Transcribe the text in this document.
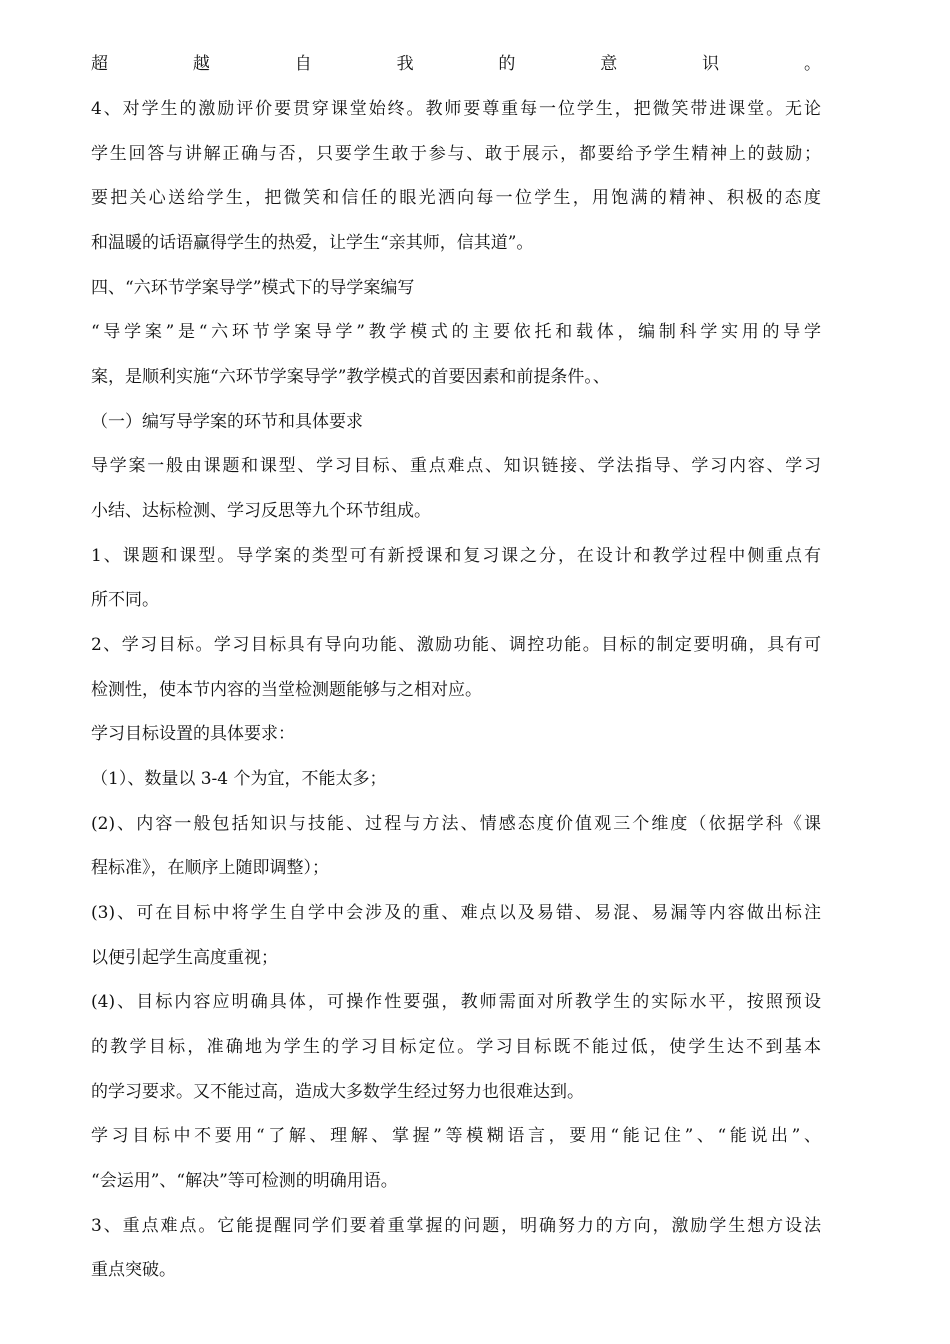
超越自我的意识。
4、对学生的激励评价要贯穿课堂始终。教师要尊重每一位学生，把微笑带进课堂。无论
学生回答与讲解正确与否，只要学生敢于参与、敢于展示，都要给予学生精神上的鼓励；
要把关心送给学生，把微笑和信任的眼光洒向每一位学生，用饱满的精神、积极的态度
和温暖的话语赢得学生的热爱，让学生“亲其师，信其道”。
四、“六环节学案导学”模式下的导学案编写
“导学案”是“六环节学案导学”教学模式的主要依托和载体，编制科学实用的导学
案，是顺利实施“六环节学案导学”教学模式的首要因素和前提条件。、
（一）编写导学案的环节和具体要求
导学案一般由课题和课型、学习目标、重点难点、知识链接、学法指导、学习内容、学习
小结、达标检测、学习反思等九个环节组成。
1、课题和课型。导学案的类型可有新授课和复习课之分，在设计和教学过程中侧重点有
所不同。
2、学习目标。学习目标具有导向功能、激励功能、调控功能。目标的制定要明确，具有可
检测性，使本节内容的当堂检测题能够与之相对应。
学习目标设置的具体要求：
（1）、数量以 3-4 个为宜，不能太多；
(2)、内容一般包括知识与技能、过程与方法、情感态度价值观三个维度（依据学科《课
程标准》，在顺序上随即调整）；
(3)、可在目标中将学生自学中会涉及的重、难点以及易错、易混、易漏等内容做出标注
以便引起学生高度重视；
(4)、目标内容应明确具体，可操作性要强，教师需面对所教学生的实际水平，按照预设
的教学目标，准确地为学生的学习目标定位。学习目标既不能过低，使学生达不到基本
的学习要求。又不能过高，造成大多数学生经过努力也很难达到。
学习目标中不要用“了解、理解、掌握”等模糊语言，要用“能记住”、“能说出”、
“会运用”、“解决”等可检测的明确用语。
3、重点难点。它能提醒同学们要着重掌握的问题，明确努力的方向，激励学生想方设法
重点突破。
